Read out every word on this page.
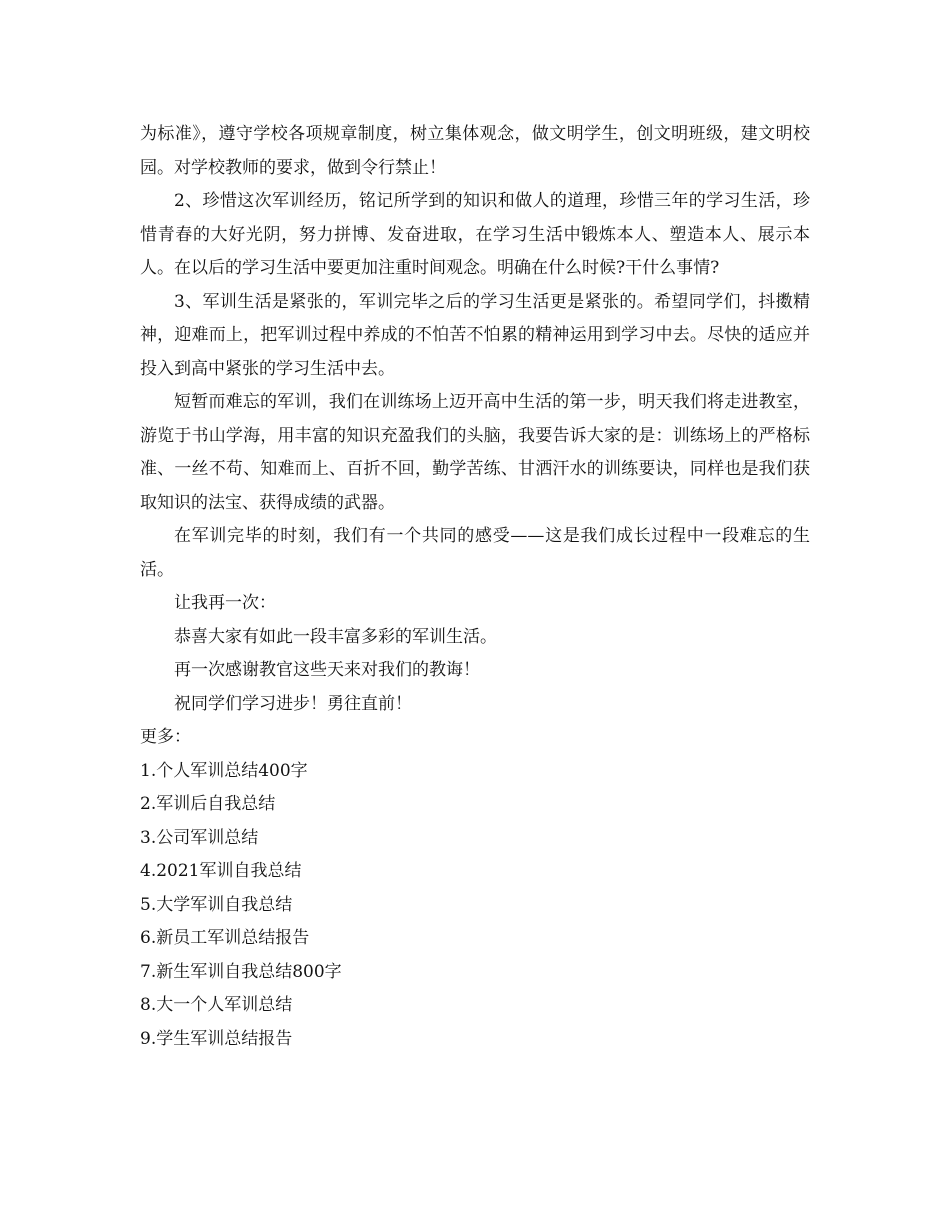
为标准》，遵守学校各项规章制度，树立集体观念，做文明学生，创文明班级，建文明校园。对学校教师的要求，做到令行禁止！

2、珍惜这次军训经历，铭记所学到的知识和做人的道理，珍惜三年的学习生活，珍惜青春的大好光阴，努力拼博、发奋进取，在学习生活中锻炼本人、塑造本人、展示本人。在以后的学习生活中要更加注重时间观念。明确在什么时候?干什么事情?

3、军训生活是紧张的，军训完毕之后的学习生活更是紧张的。希望同学们，抖擞精神，迎难而上，把军训过程中养成的不怕苦不怕累的精神运用到学习中去。尽快的适应并投入到高中紧张的学习生活中去。

短暂而难忘的军训，我们在训练场上迈开高中生活的第一步，明天我们将走进教室，游览于书山学海，用丰富的知识充盈我们的头脑，我要告诉大家的是：训练场上的严格标准、一丝不苟、知难而上、百折不回，勤学苦练、甘洒汗水的训练要诀，同样也是我们获取知识的法宝、获得成绩的武器。

在军训完毕的时刻，我们有一个共同的感受——这是我们成长过程中一段难忘的生活。

让我再一次：

恭喜大家有如此一段丰富多彩的军训生活。

再一次感谢教官这些天来对我们的教诲！

祝同学们学习进步！勇往直前！

更多：

1.个人军训总结400字
2.军训后自我总结
3.公司军训总结
4.2021军训自我总结
5.大学军训自我总结
6.新员工军训总结报告
7.新生军训自我总结800字
8.大一个人军训总结
9.学生军训总结报告
